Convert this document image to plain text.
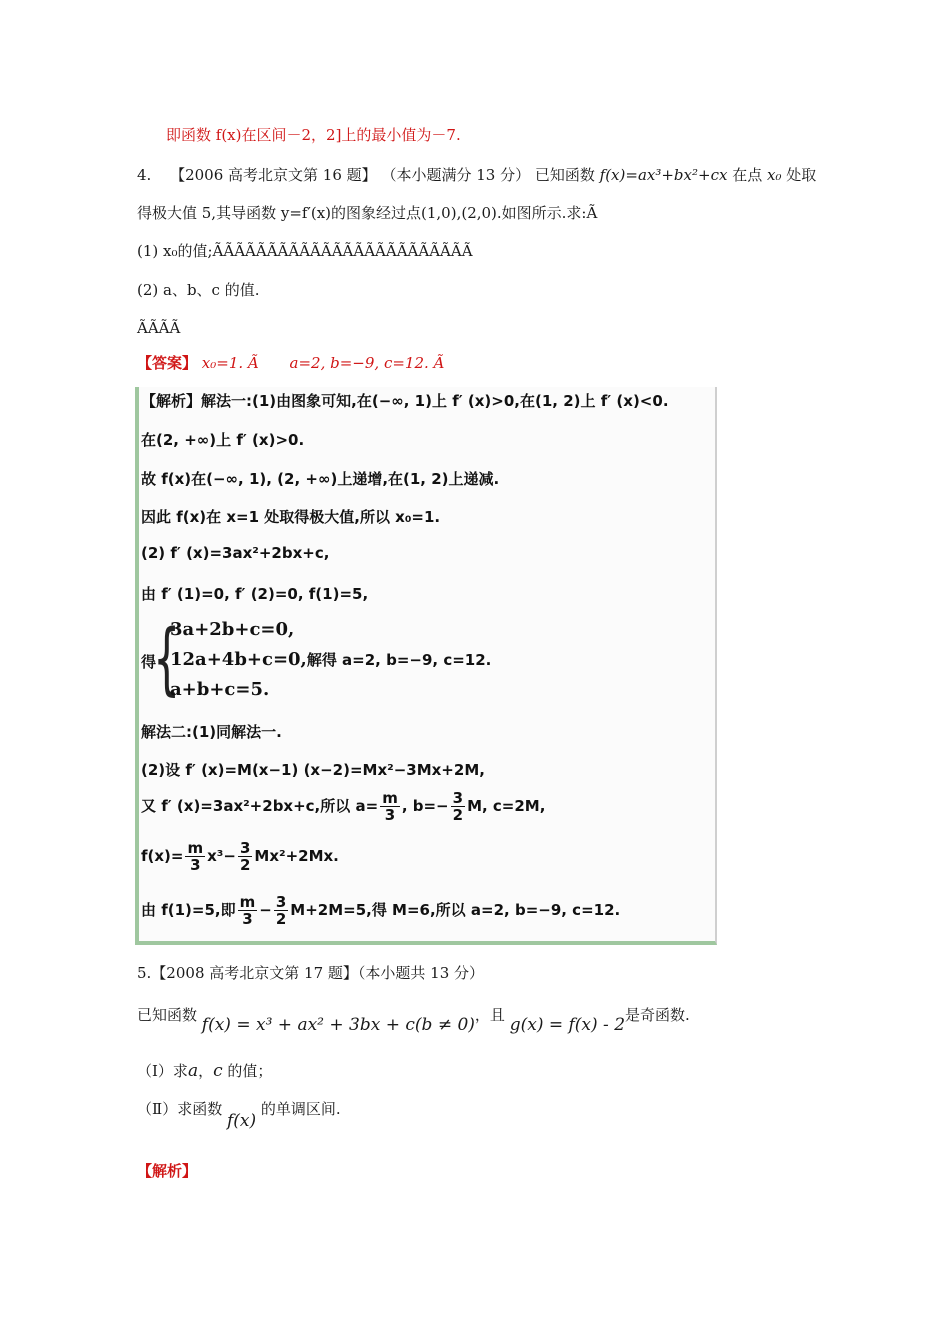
即函数 f(x)在区间－2，2]上的最小值为－7.
4. 【2006 高考北京文第 16 题】 （本小题满分 13 分） 已知函数 f(x)=ax³+bx²+cx 在点 x₀ 处取
得极大值 5,其导函数 y=f′(x)的图象经过点(1,0),(2,0).如图所示.求:Ã
(1) x₀的值;ÃÃÃÃÃÃÃÃÃÃÃÃÃÃÃÃÃÃÃÃÃÃÃÃ
(2) a、b、c 的值.
ÃÃÃÃ
【答案】 x₀=1. Ã a=2, b=−9, c=12. Ã
【解析】解法一:(1)由图象可知,在(−∞, 1)上 f′ (x)>0,在(1, 2)上 f′ (x)<0.
在(2, +∞)上 f′ (x)>0.
故 f(x)在(−∞, 1), (2, +∞)上递增,在(1, 2)上递减.
因此 f(x)在 x=1 处取得极大值,所以 x₀=1.
(2) f′ (x)=3ax²+2bx+c,
由 f′ (1)=0, f′ (2)=0, f(1)=5,
得
{
3a+2b+c=0,
12a+4b+c=0,解得 a=2, b=−9, c=12.
a+b+c=5.
解法二:(1)同解法一.
(2)设 f′ (x)=M(x−1) (x−2)=Mx²−3Mx+2M,
又 f′ (x)=3ax²+2bx+c,所以 $a= \frac{m}{3}$ , $b=- \frac{3}{2} M$, c=2M,
$f(x)= \frac{m}{3} x^3- \frac{3}{2} Mx^2+2Mx$.
由 f(1)=5,即 $\frac{m}{3} - \frac{3}{2} M+2M=5$,得 M=6,所以 a=2, b=−9, c=12.
5.【2008 高考北京文第 17 题】（本小题共 13 分）
已知函数 f(x) = x³ + ax² + 3bx + c(b ≠ 0)，且 g(x) = f(x) - 2是奇函数.
（Ⅰ）求a，c 的值；
（Ⅱ）求函数 f(x) 的单调区间.
【解析】
